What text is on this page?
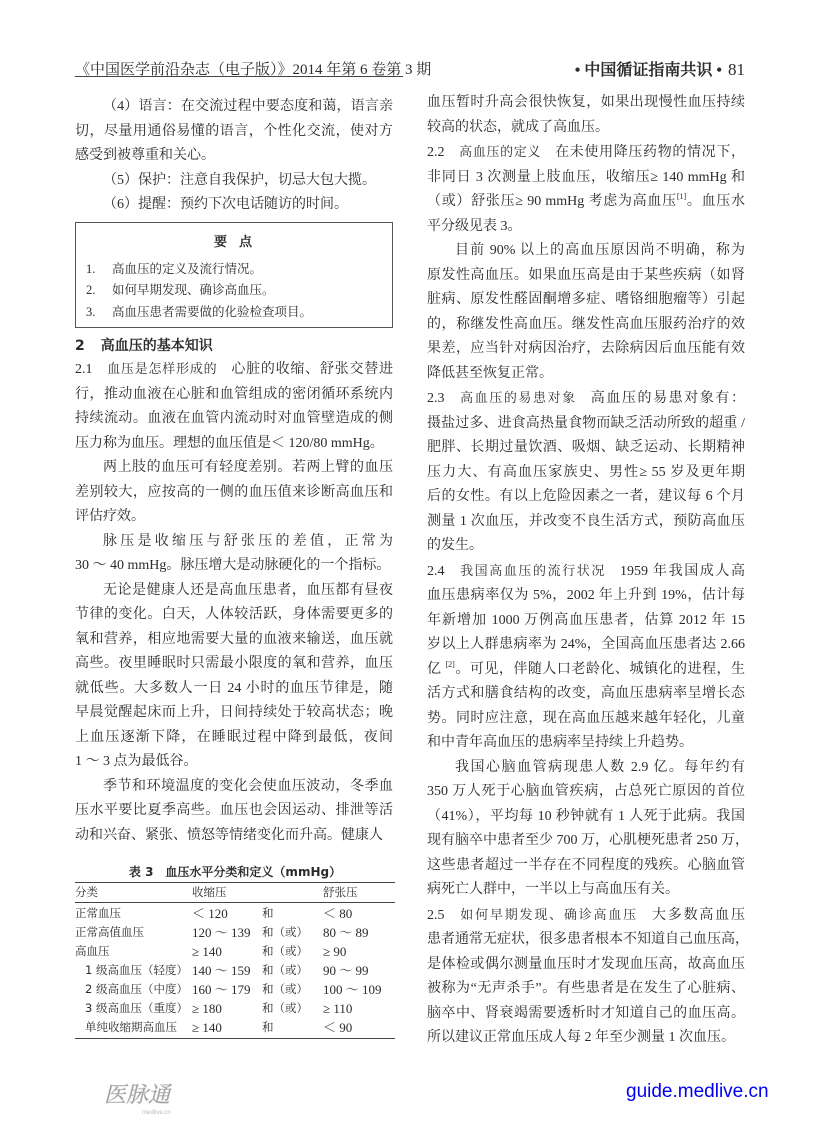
《中国医学前沿杂志（电子版）》2014 年第 6 卷第 3 期	• 中国循证指南共识 • 81
（4）语言：在交流过程中要态度和蔼，语言亲
切，尽量用通俗易懂的语言，个性化交流，使对方
感受到被尊重和关心。
（5）保护：注意自我保护，切忌大包大揽。
（6）提醒：预约下次电话随访的时间。
要点
1. 高血压的定义及流行情况。
2. 如何早期发现、确诊高血压。
3. 高血压患者需要做的化验检查项目。
2 高血压的基本知识
2.1 血压是怎样形成的 心脏的收缩、舒张交替进
行，推动血液在心脏和血管组成的密闭循环系统内
持续流动。血液在血管内流动时对血管壁造成的侧
压力称为血压。理想的血压值是＜ 120/80 mmHg。
两上肢的血压可有轻度差别。若两上臂的血压
差别较大，应按高的一侧的血压值来诊断高血压和
评估疗效。
脉压是收缩压与舒张压的差值，正常为
30 ～ 40 mmHg。脉压增大是动脉硬化的一个指标。
无论是健康人还是高血压患者，血压都有昼夜
节律的变化。白天，人体较活跃，身体需要更多的
氧和营养，相应地需要大量的血液来输送，血压就
高些。夜里睡眠时只需最小限度的氧和营养，血压
就低些。大多数人一日 24 小时的血压节律是，随
早晨觉醒起床而上升，日间持续处于较高状态；晚
上血压逐渐下降，在睡眠过程中降到最低，夜间
1 ～ 3 点为最低谷。
季节和环境温度的变化会使血压波动，冬季血
压水平要比夏季高些。血压也会因运动、排泄等活
动和兴奋、紧张、愤怒等情绪变化而升高。健康人
表 3　血压水平分类和定义（mmHg）
分类	收缩压	舒张压
正常血压	＜ 120	和	＜ 80
正常高值血压	120 ～ 139 和（或）	80 ～ 89
高血压	≥ 140	和（或）	≥ 90
1 级高血压（轻度） 140 ～ 159 和（或）	90 ～ 99
2 级高血压（中度） 160 ～ 179 和（或）	100 ～ 109
3 级高血压（重度） ≥ 180	和（或）	≥ 110
单纯收缩期高血压	≥ 140	和	＜ 90
血压暂时升高会很快恢复，如果出现慢性血压持续
较高的状态，就成了高血压。
2.2 高血压的定义 在未使用降压药物的情况下，
非同日 3 次测量上肢血压，收缩压≥ 140 mmHg 和
（或）舒张压≥ 90 mmHg 考虑为高血压[1]。血压水
平分级见表 3。
目前 90% 以上的高血压原因尚不明确，称为
原发性高血压。如果血压高是由于某些疾病（如肾
脏病、原发性醛固酮增多症、嗜铬细胞瘤等）引起
的，称继发性高血压。继发性高血压服药治疗的效
果差，应当针对病因治疗，去除病因后血压能有效
降低甚至恢复正常。
2.3 高血压的易患对象 高血压的易患对象有：
摄盐过多、进食高热量食物而缺乏活动所致的超重 /
肥胖、长期过量饮酒、吸烟、缺乏运动、长期精神
压力大、有高血压家族史、男性≥ 55 岁及更年期
后的女性。有以上危险因素之一者，建议每 6 个月
测量 1 次血压，并改变不良生活方式，预防高血压
的发生。
2.4 我国高血压的流行状况 1959 年我国成人高
血压患病率仅为 5%，2002 年上升到 19%，估计每
年新增加 1000 万例高血压患者，估算 2012 年 15
岁以上人群患病率为 24%，全国高血压患者达 2.66
亿 [2]。可见，伴随人口老龄化、城镇化的进程，生
活方式和膳食结构的改变，高血压患病率呈增长态
势。同时应注意，现在高血压越来越年轻化，儿童
和中青年高血压的患病率呈持续上升趋势。
我国心脑血管病现患人数 2.9 亿。每年约有
350 万人死于心脑血管疾病，占总死亡原因的首位
（41%），平均每 10 秒钟就有 1 人死于此病。我国
现有脑卒中患者至少 700 万，心肌梗死患者 250 万，
这些患者超过一半存在不同程度的残疾。心脑血管
病死亡人群中，一半以上与高血压有关。
2.5 如何早期发现、确诊高血压 大多数高血压
患者通常无症状，很多患者根本不知道自己血压高，
是体检或偶尔测量血压时才发现血压高，故高血压
被称为“无声杀手”。有些患者是在发生了心脏病、
脑卒中、肾衰竭需要透析时才知道自己的血压高。
所以建议正常血压成人每 2 年至少测量 1 次血压。
医脉通
medlive.cn
guide.medlive.cn
